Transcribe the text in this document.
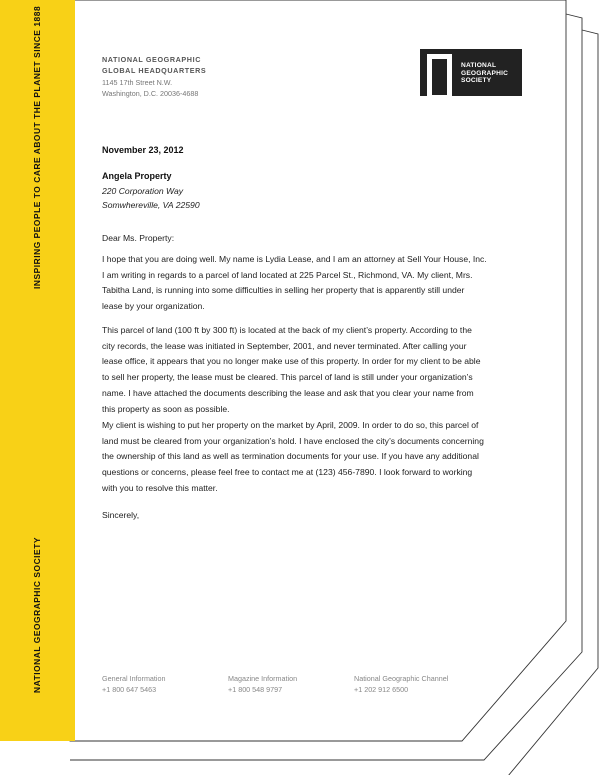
INSPIRING PEOPLE TO CARE ABOUT THE PLANET SINCE 1888
NATIONAL GEOGRAPHIC SOCIETY
NATIONAL GEOGRAPHIC
GLOBAL HEADQUARTERS
1145 17th Street N.W.
Washington, D.C. 20036-4688
NATIONAL
GEOGRAPHIC
SOCIETY
November 23, 2012
Angela Property
220 Corporation Way
Somwhereville, VA 22590
Dear Ms. Property:
I hope that you are doing well. My name is Lydia Lease, and I am an attorney at Sell Your House, Inc. I am writing in regards to a parcel of land located at 225 Parcel St., Richmond, VA. My client, Mrs. Tabitha Land, is running into some difficulties in selling her property that is apparently still under lease by your organization.
This parcel of land (100 ft by 300 ft) is located at the back of my client’s property. According to the city records, the lease was initiated in September, 2001, and never terminated. After calling your lease office, it appears that you no longer make use of this property. In order for my client to be able to sell her property, the lease must be cleared. This parcel of land is still under your organization’s name. I have attached the documents describing the lease and ask that you clear your name from this property as soon as possible.
My client is wishing to put her property on the market by April, 2009. In order to do so, this parcel of land must be cleared from your organization’s hold. I have enclosed the city’s documents concerning the ownership of this land as well as termination documents for your use. If you have any additional questions or concerns, please feel free to contact me at (123) 456-7890. I look forward to working with you to resolve this matter.
Sincerely,
General Information
+1 800 647 5463
Magazine Information
+1 800 548 9797
National Geographic Channel
+1 202 912 6500
